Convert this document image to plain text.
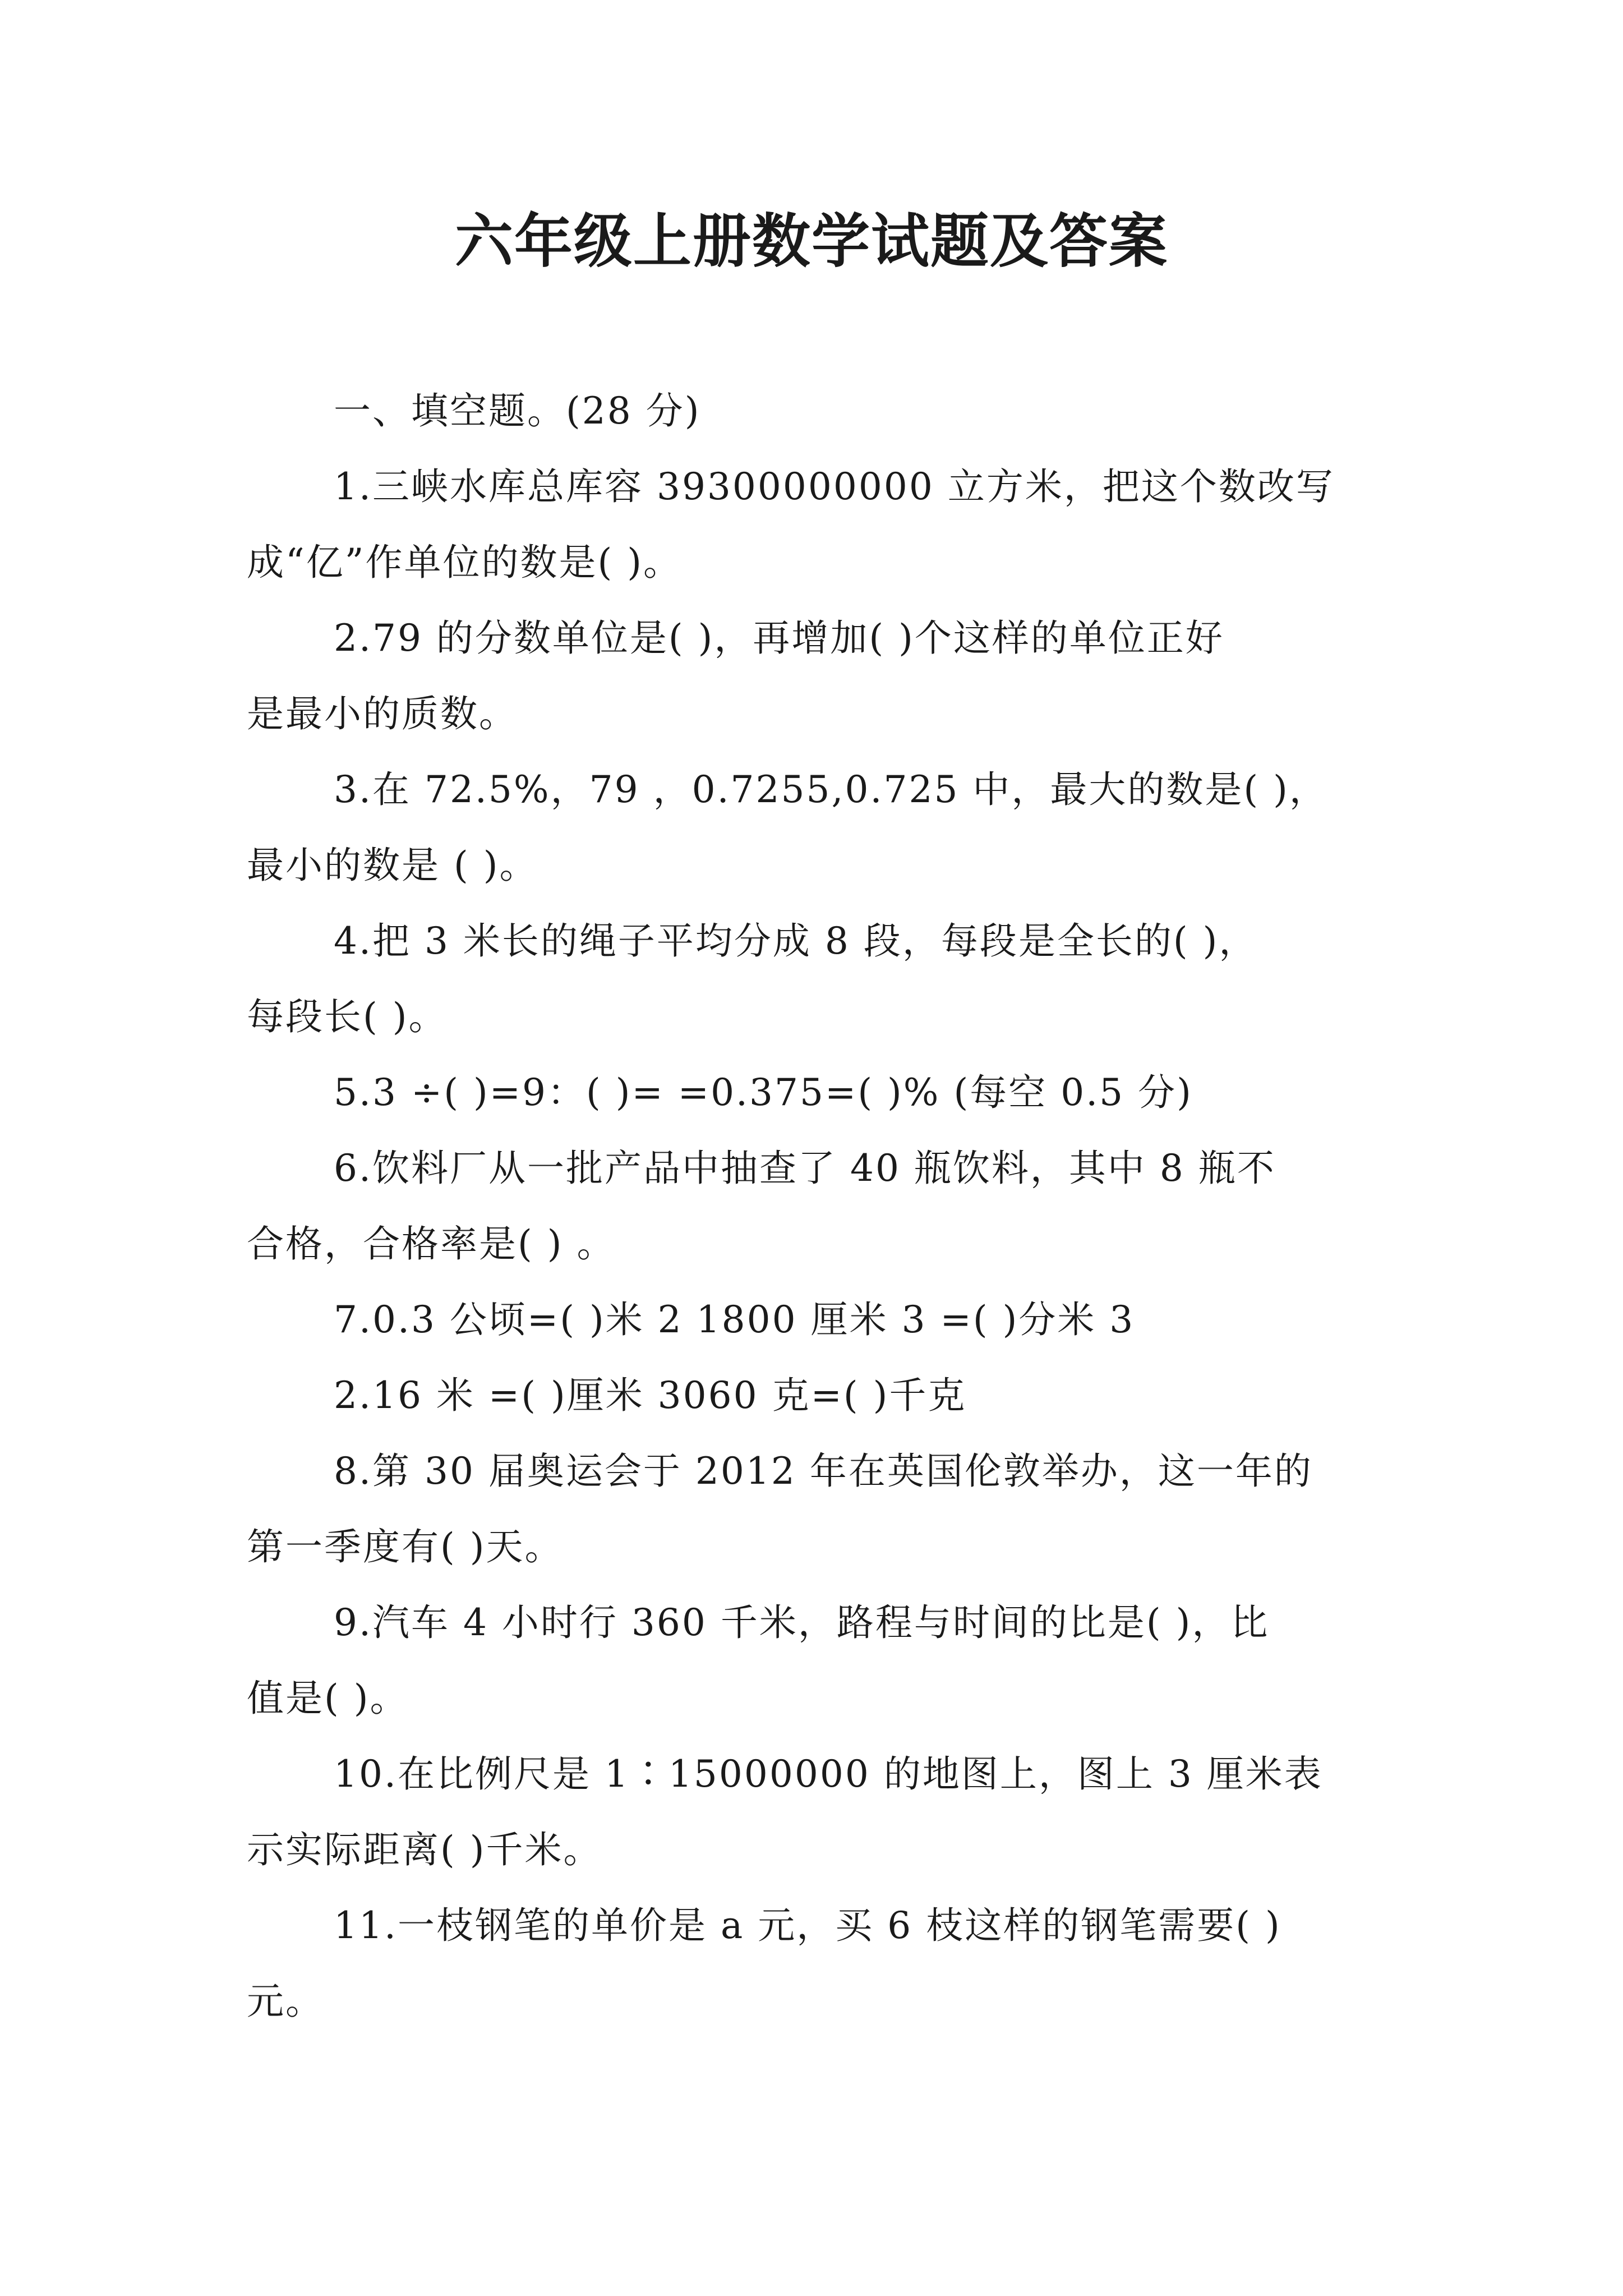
六年级上册数学试题及答案
一、填空题。(28 分)
1.三峡水库总库容 39300000000 立方米，把这个数改写
成“亿”作单位的数是( )。
2.79 的分数单位是( )，再增加( )个这样的单位正好
是最小的质数。
3.在 72.5%，79 ，0.7255,0.725 中，最大的数是( )，
最小的数是 ( )。
4.把 3 米长的绳子平均分成 8 段，每段是全长的( )，
每段长( )。
5.3 ÷( )=9：( )= =0.375=( )% (每空 0.5 分)
6.饮料厂从一批产品中抽查了 40 瓶饮料，其中 8 瓶不
合格，合格率是( ) 。
7.0.3 公顷=( )米 2 1800 厘米 3 =( )分米 3
2.16 米 =( )厘米 3060 克=( )千克
8.第 30 届奥运会于 2012 年在英国伦敦举办，这一年的
第一季度有( )天。
9.汽车 4 小时行 360 千米，路程与时间的比是( )，比
值是( )。
10.在比例尺是 1∶15000000 的地图上，图上 3 厘米表
示实际距离( )千米。
11.一枝钢笔的单价是 a 元，买 6 枝这样的钢笔需要( )
元。
